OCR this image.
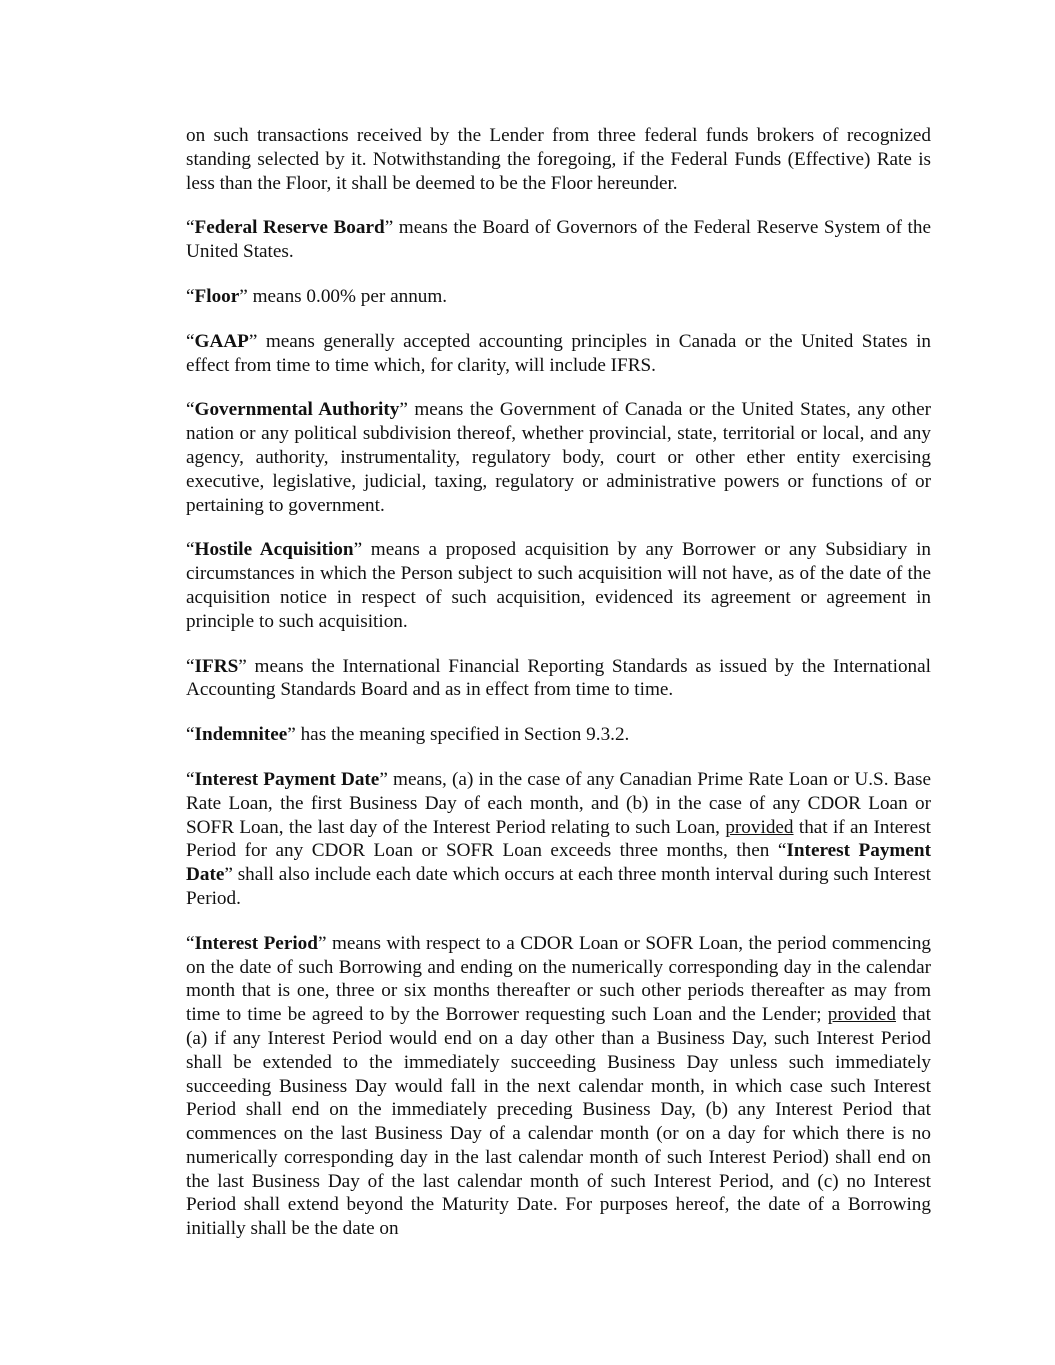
on such transactions received by the Lender from three federal funds brokers of recognized standing selected by it. Notwithstanding the foregoing, if the Federal Funds (Effective) Rate is less than the Floor, it shall be deemed to be the Floor hereunder.

“Federal Reserve Board” means the Board of Governors of the Federal Reserve System of the United States.

“Floor” means 0.00% per annum.

“GAAP” means generally accepted accounting principles in Canada or the United States in effect from time to time which, for clarity, will include IFRS.

“Governmental Authority” means the Government of Canada or the United States, any other nation or any political subdivision thereof, whether provincial, state, territorial or local, and any agency, authority, instrumentality, regulatory body, court or other ether entity exercising executive, legislative, judicial, taxing, regulatory or administrative powers or functions of or pertaining to government.

“Hostile Acquisition” means a proposed acquisition by any Borrower or any Subsidiary in circumstances in which the Person subject to such acquisition will not have, as of the date of the acquisition notice in respect of such acquisition, evidenced its agreement or agreement in principle to such acquisition.

“IFRS” means the International Financial Reporting Standards as issued by the International Accounting Standards Board and as in effect from time to time.

“Indemnitee” has the meaning specified in Section 9.3.2.

“Interest Payment Date” means, (a) in the case of any Canadian Prime Rate Loan or U.S. Base Rate Loan, the first Business Day of each month, and (b) in the case of any CDOR Loan or SOFR Loan, the last day of the Interest Period relating to such Loan, provided that if an Interest Period for any CDOR Loan or SOFR Loan exceeds three months, then “Interest Payment Date” shall also include each date which occurs at each three month interval during such Interest Period.

“Interest Period” means with respect to a CDOR Loan or SOFR Loan, the period commencing on the date of such Borrowing and ending on the numerically corresponding day in the calendar month that is one, three or six months thereafter or such other periods thereafter as may from time to time be agreed to by the Borrower requesting such Loan and the Lender; provided that (a) if any Interest Period would end on a day other than a Business Day, such Interest Period shall be extended to the immediately succeeding Business Day unless such immediately succeeding Business Day would fall in the next calendar month, in which case such Interest Period shall end on the immediately preceding Business Day, (b) any Interest Period that commences on the last Business Day of a calendar month (or on a day for which there is no numerically corresponding day in the last calendar month of such Interest Period) shall end on the last Business Day of the last calendar month of such Interest Period, and (c) no Interest Period shall extend beyond the Maturity Date. For purposes hereof, the date of a Borrowing initially shall be the date on
